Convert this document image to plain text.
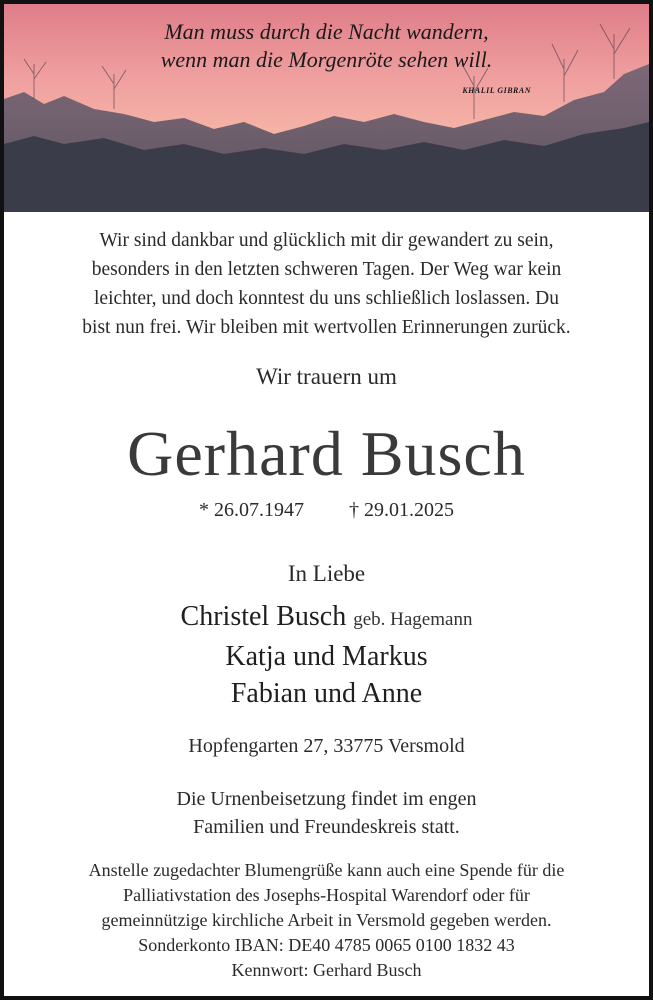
Man muss durch die Nacht wandern,
wenn man die Morgenröte sehen will.
KHALIL GIBRAN
Wir sind dankbar und glücklich mit dir gewandert zu sein,
besonders in den letzten schweren Tagen. Der Weg war kein
leichter, und doch konntest du uns schließlich loslassen. Du
bist nun frei. Wir bleiben mit wertvollen Erinnerungen zurück.
Wir trauern um
Gerhard Busch
* 26.07.1947 † 29.01.2025
In Liebe
Christel Busch geb. Hagemann
Katja und Markus
Fabian und Anne
Hopfengarten 27, 33775 Versmold
Die Urnenbeisetzung findet im engen
Familien und Freundeskreis statt.
Anstelle zugedachter Blumengrüße kann auch eine Spende für die
Palliativstation des Josephs-Hospital Warendorf oder für
gemeinnützige kirchliche Arbeit in Versmold gegeben werden.
Sonderkonto IBAN: DE40 4785 0065 0100 1832 43
Kennwort: Gerhard Busch
